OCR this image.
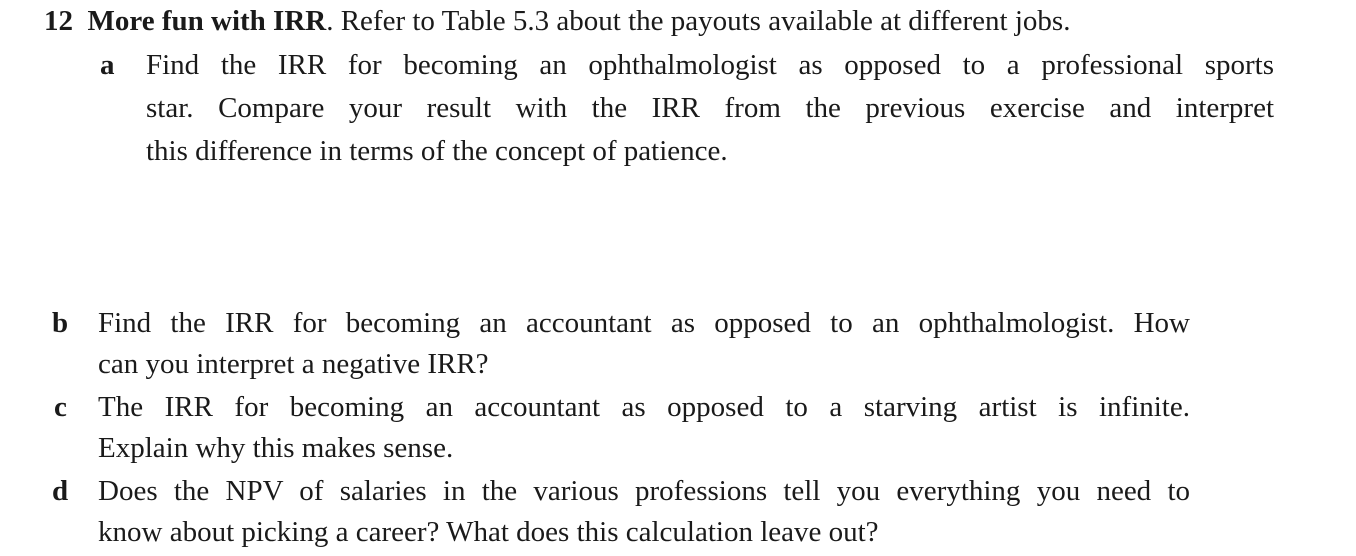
12 More fun with IRR. Refer to Table 5.3 about the payouts available at different jobs.
a Find the IRR for becoming an ophthalmologist as opposed to a professional sports
star. Compare your result with the IRR from the previous exercise and interpret
this difference in terms of the concept of patience.
b Find the IRR for becoming an accountant as opposed to an ophthalmologist. How
can you interpret a negative IRR?
c The IRR for becoming an accountant as opposed to a starving artist is infinite.
Explain why this makes sense.
d Does the NPV of salaries in the various professions tell you everything you need to
know about picking a career? What does this calculation leave out?
